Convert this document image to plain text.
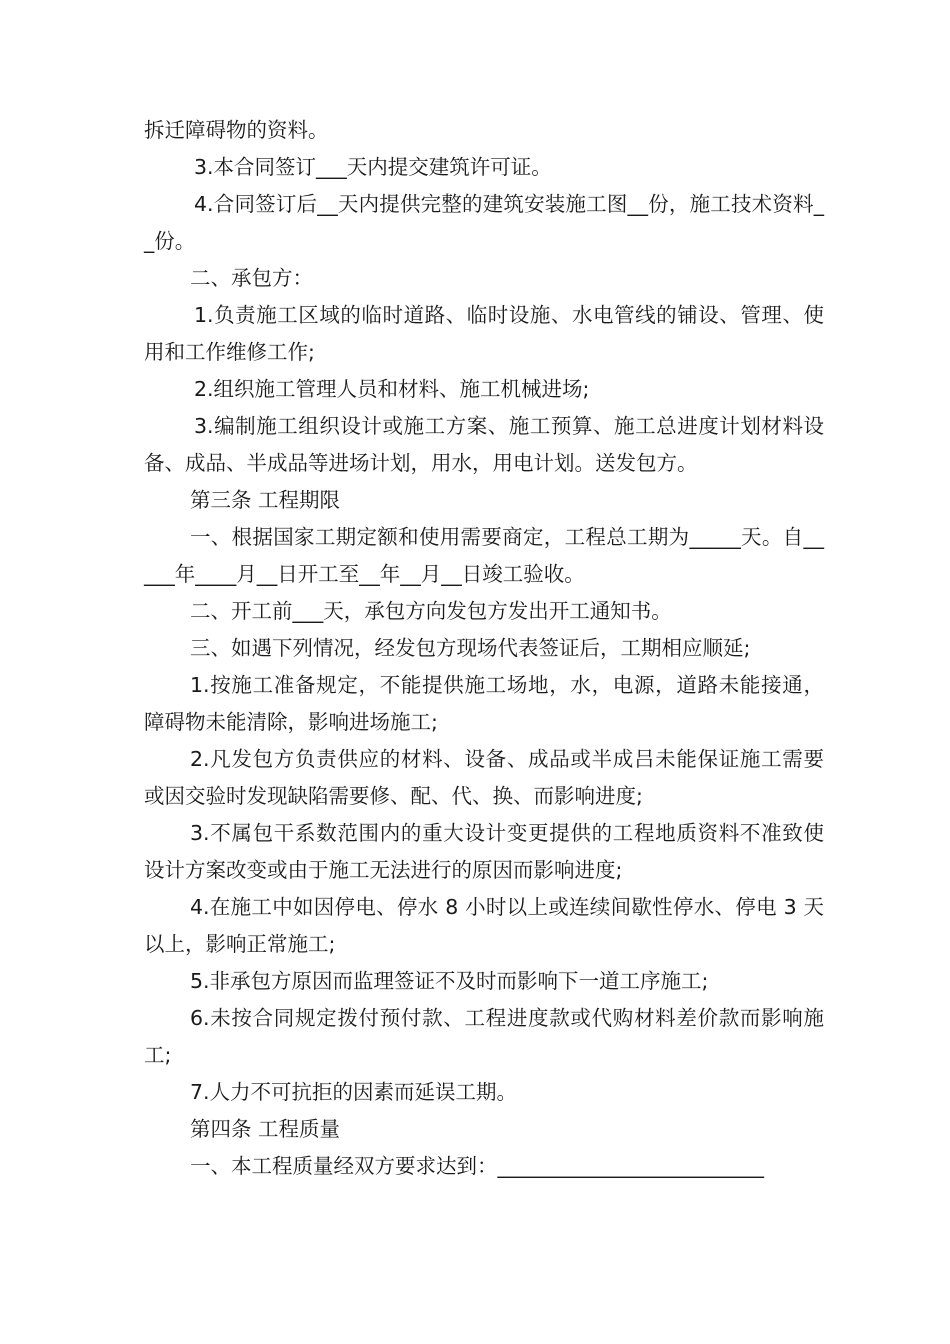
拆迁障碍物的资料。

3.本合同签订___天内提交建筑许可证。

4.合同签订后__天内提供完整的建筑安装施工图__份，施工技术资料__份。

二、承包方：

1.负责施工区域的临时道路、临时设施、水电管线的铺设、管理、使用和工作维修工作;

2.组织施工管理人员和材料、施工机械进场;

3.编制施工组织设计或施工方案、施工预算、施工总进度计划材料设备、成品、半成品等进场计划，用水，用电计划。送发包方。

第三条 工程期限

一、根据国家工期定额和使用需要商定，工程总工期为_____天。自_____年____月__日开工至__年__月__日竣工验收。

二、开工前___天，承包方向发包方发出开工通知书。

三、如遇下列情况，经发包方现场代表签证后，工期相应顺延;

1.按施工准备规定，不能提供施工场地，水，电源，道路未能接通，障碍物未能清除，影响进场施工;

2.凡发包方负责供应的材料、设备、成品或半成吕未能保证施工需要或因交验时发现缺陷需要修、配、代、换、而影响进度;

3.不属包干系数范围内的重大设计变更提供的工程地质资料不准致使设计方案改变或由于施工无法进行的原因而影响进度;

4.在施工中如因停电、停水 8 小时以上或连续间歇性停水、停电 3 天以上，影响正常施工;

5.非承包方原因而监理签证不及时而影响下一道工序施工;

6.未按合同规定拨付预付款、工程进度款或代购材料差价款而影响施工;

7.人力不可抗拒的因素而延误工期。

第四条 工程质量

一、本工程质量经双方要求达到：__________________________
